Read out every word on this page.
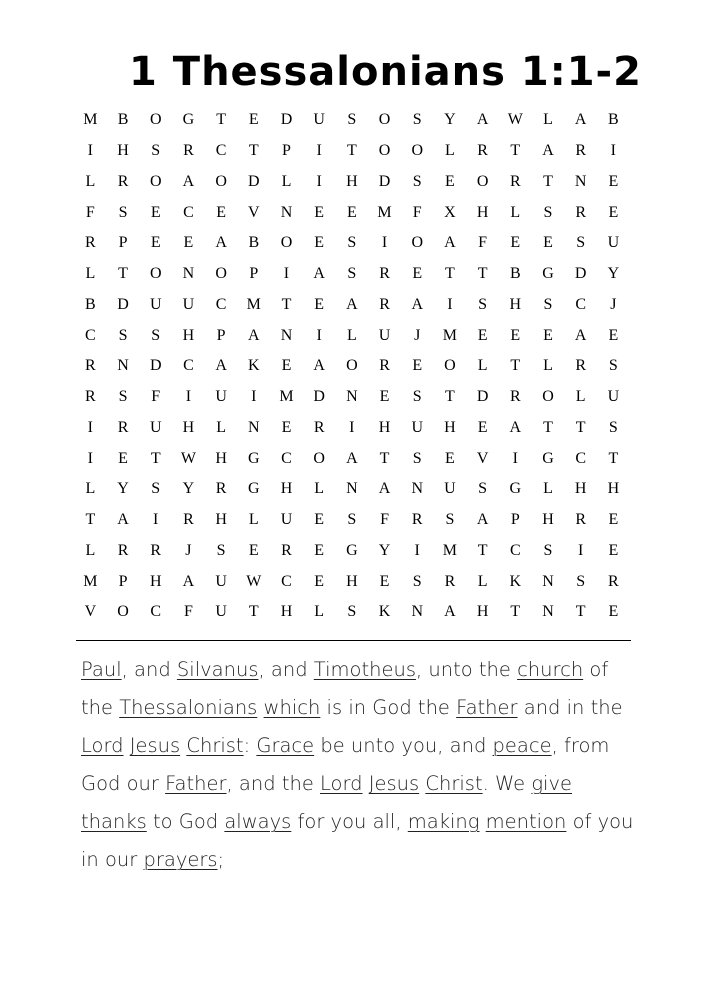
1 Thessalonians 1:1-2
M	B	O	G	T	E	D	U	S	O	S	Y	A	W	L	A	B
I	H	S	R	C	T	P	I	T	O	O	L	R	T	A	R	I
L	R	O	A	O	D	L	I	H	D	S	E	O	R	T	N	E
F	S	E	C	E	V	N	E	E	M	F	X	H	L	S	R	E
R	P	E	E	A	B	O	E	S	I	O	A	F	E	E	S	U
L	T	O	N	O	P	I	A	S	R	E	T	T	B	G	D	Y
B	D	U	U	C	M	T	E	A	R	A	I	S	H	S	C	J
C	S	S	H	P	A	N	I	L	U	J	M	E	E	E	A	E
R	N	D	C	A	K	E	A	O	R	E	O	L	T	L	R	S
R	S	F	I	U	I	M	D	N	E	S	T	D	R	O	L	U
I	R	U	H	L	N	E	R	I	H	U	H	E	A	T	T	S
I	E	T	W	H	G	C	O	A	T	S	E	V	I	G	C	T
L	Y	S	Y	R	G	H	L	N	A	N	U	S	G	L	H	H
T	A	I	R	H	L	U	E	S	F	R	S	A	P	H	R	E
L	R	R	J	S	E	R	E	G	Y	I	M	T	C	S	I	E
M	P	H	A	U	W	C	E	H	E	S	R	L	K	N	S	R
V	O	C	F	U	T	H	L	S	K	N	A	H	T	N	T	E

Paul, and Silvanus, and Timotheus, unto the church of the Thessalonians which is in God the Father and in the Lord Jesus Christ: Grace be unto you, and peace, from God our Father, and the Lord Jesus Christ. We give thanks to God always for you all, making mention of you in our prayers;
